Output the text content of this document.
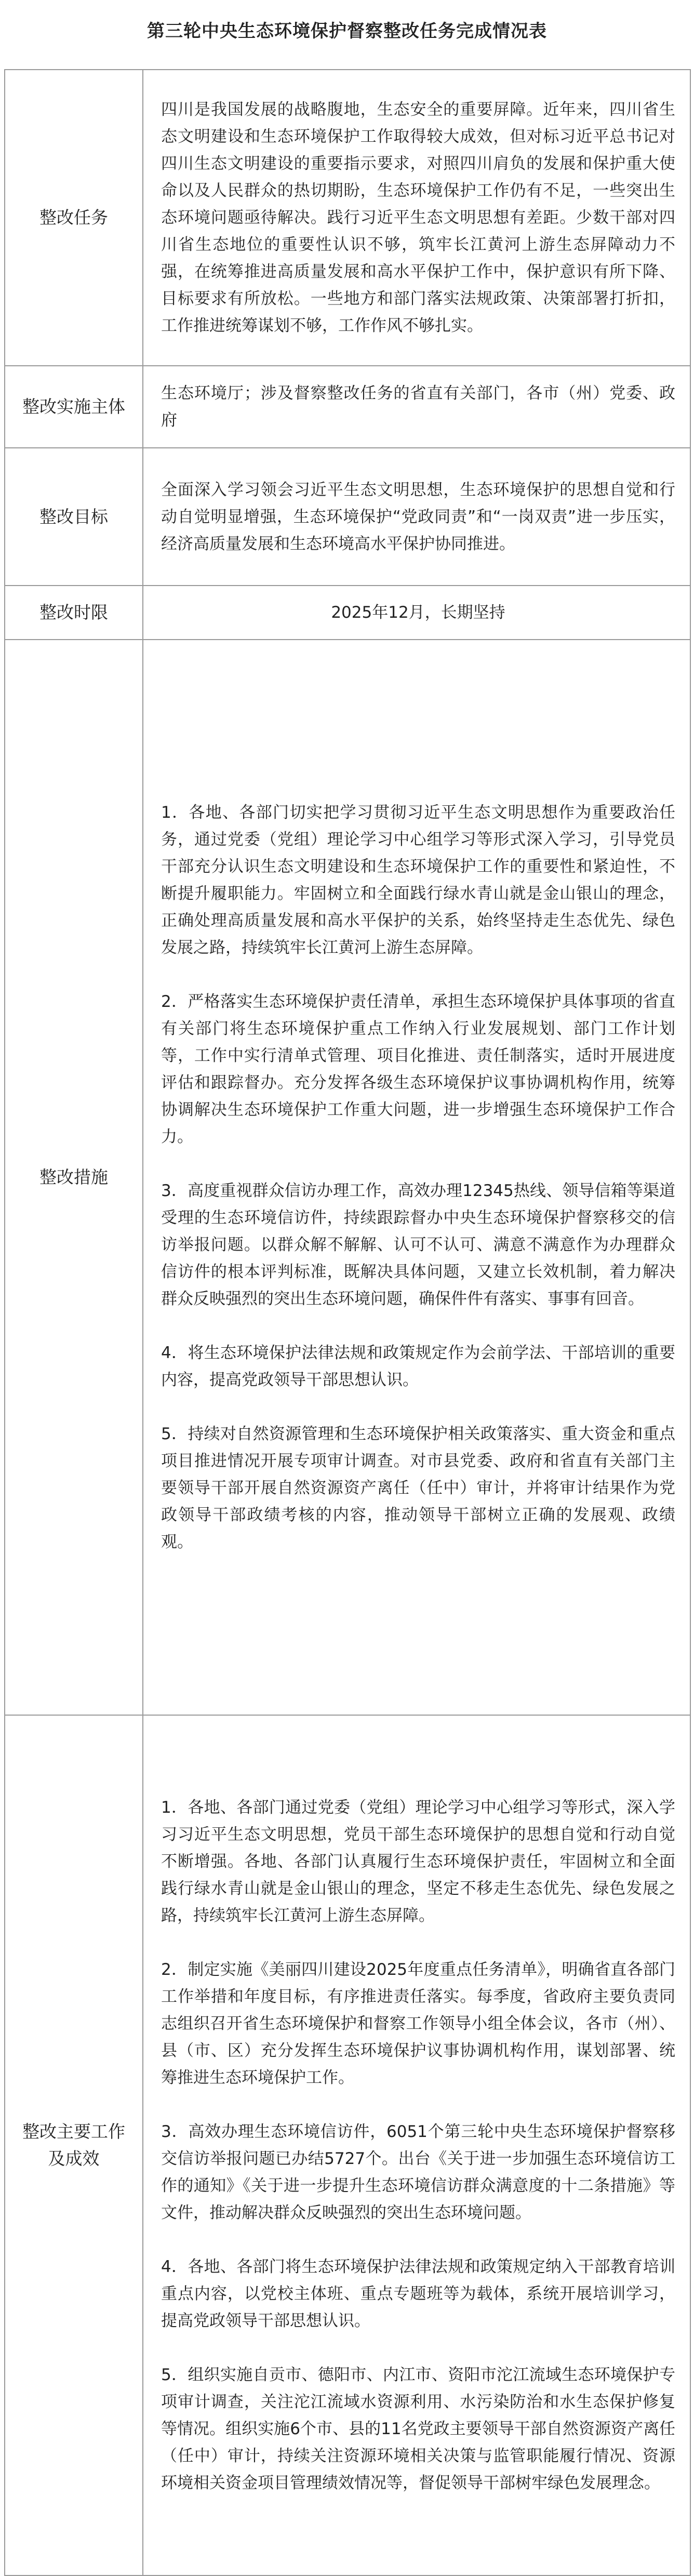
第三轮中央生态环境保护督察整改任务完成情况表
整改任务	四川是我国发展的战略腹地，生态安全的重要屏障。近年来，四川省生态文明建设和生态环境保护工作取得较大成效，但对标习近平总书记对四川生态文明建设的重要指示要求，对照四川肩负的发展和保护重大使命以及人民群众的热切期盼，生态环境保护工作仍有不足，一些突出生态环境问题亟待解决。践行习近平生态文明思想有差距。少数干部对四川省生态地位的重要性认识不够，筑牢长江黄河上游生态屏障动力不强，在统筹推进高质量发展和高水平保护工作中，保护意识有所下降、目标要求有所放松。一些地方和部门落实法规政策、决策部署打折扣，工作推进统筹谋划不够，工作作风不够扎实。

整改实施主体	生态环境厅；涉及督察整改任务的省直有关部门，各市（州）党委、政府

整改目标	全面深入学习领会习近平生态文明思想，生态环境保护的思想自觉和行动自觉明显增强，生态环境保护“党政同责”和“一岗双责”进一步压实，经济高质量发展和生态环境高水平保护协同推进。

整改时限	2025年12月，长期坚持

整改措施	1．各地、各部门切实把学习贯彻习近平生态文明思想作为重要政治任务，通过党委（党组）理论学习中心组学习等形式深入学习，引导党员干部充分认识生态文明建设和生态环境保护工作的重要性和紧迫性，不断提升履职能力。牢固树立和全面践行绿水青山就是金山银山的理念，正确处理高质量发展和高水平保护的关系，始终坚持走生态优先、绿色发展之路，持续筑牢长江黄河上游生态屏障。

2．严格落实生态环境保护责任清单，承担生态环境保护具体事项的省直有关部门将生态环境保护重点工作纳入行业发展规划、部门工作计划等，工作中实行清单式管理、项目化推进、责任制落实，适时开展进度评估和跟踪督办。充分发挥各级生态环境保护议事协调机构作用，统筹协调解决生态环境保护工作重大问题，进一步增强生态环境保护工作合力。

3．高度重视群众信访办理工作，高效办理12345热线、领导信箱等渠道受理的生态环境信访件，持续跟踪督办中央生态环境保护督察移交的信访举报问题。以群众解不解解、认可不认可、满意不满意作为办理群众信访件的根本评判标准，既解决具体问题，又建立长效机制，着力解决群众反映强烈的突出生态环境问题，确保件件有落实、事事有回音。

4．将生态环境保护法律法规和政策规定作为会前学法、干部培训的重要内容，提高党政领导干部思想认识。

5．持续对自然资源管理和生态环境保护相关政策落实、重大资金和重点项目推进情况开展专项审计调查。对市县党委、政府和省直有关部门主要领导干部开展自然资源资产离任（任中）审计，并将审计结果作为党政领导干部政绩考核的内容，推动领导干部树立正确的发展观、政绩观。

整改主要工作及成效	1．各地、各部门通过党委（党组）理论学习中心组学习等形式，深入学习习近平生态文明思想，党员干部生态环境保护的思想自觉和行动自觉不断增强。各地、各部门认真履行生态环境保护责任，牢固树立和全面践行绿水青山就是金山银山的理念，坚定不移走生态优先、绿色发展之路，持续筑牢长江黄河上游生态屏障。

2．制定实施《美丽四川建设2025年度重点任务清单》，明确省直各部门工作举措和年度目标，有序推进责任落实。每季度，省政府主要负责同志组织召开省生态环境保护和督察工作领导小组全体会议，各市（州）、县（市、区）充分发挥生态环境保护议事协调机构作用，谋划部署、统筹推进生态环境保护工作。

3．高效办理生态环境信访件，6051个第三轮中央生态环境保护督察移交信访举报问题已办结5727个。出台《关于进一步加强生态环境信访工作的通知》《关于进一步提升生态环境信访群众满意度的十二条措施》等文件，推动解决群众反映强烈的突出生态环境问题。

4．各地、各部门将生态环境保护法律法规和政策规定纳入干部教育培训重点内容，以党校主体班、重点专题班等为载体，系统开展培训学习，提高党政领导干部思想认识。

5．组织实施自贡市、德阳市、内江市、资阳市沱江流域生态环境保护专项审计调查，关注沱江流域水资源利用、水污染防治和水生态保护修复等情况。组织实施6个市、县的11名党政主要领导干部自然资源资产离任（任中）审计，持续关注资源环境相关决策与监管职能履行情况、资源环境相关资金项目管理绩效情况等，督促领导干部树牢绿色发展理念。
